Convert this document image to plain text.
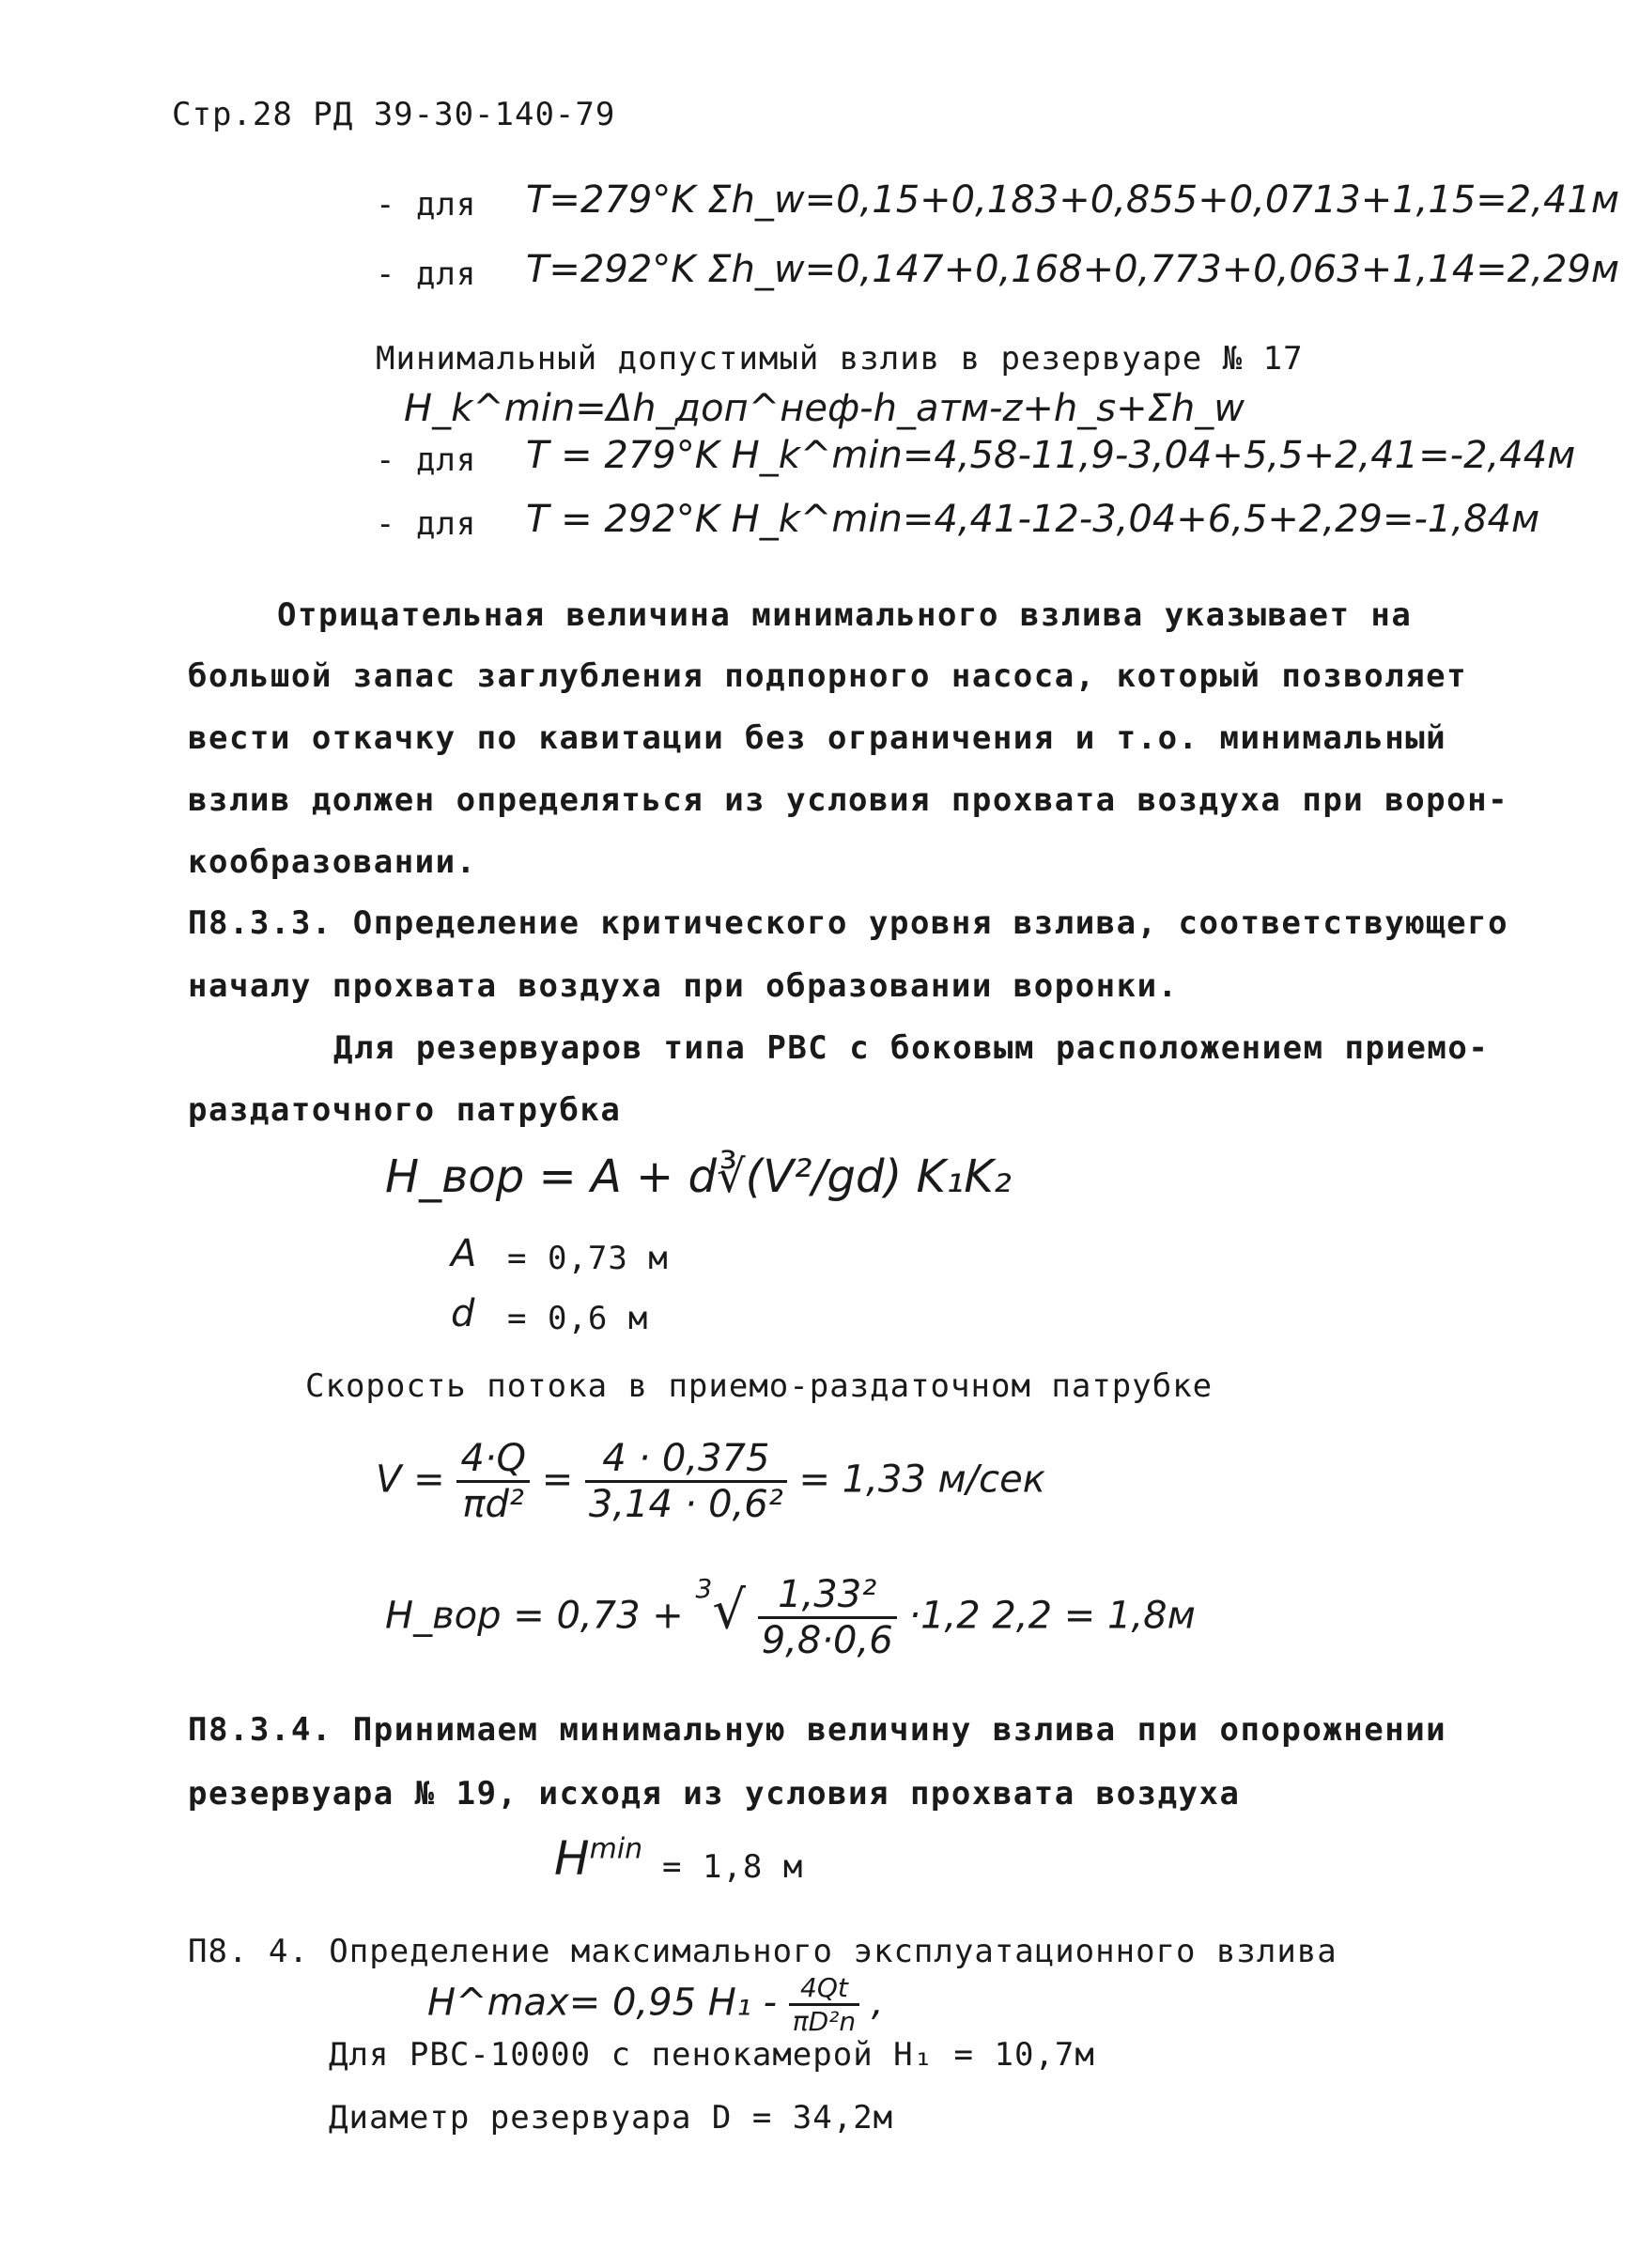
Стр.28 РД 39-30-140-79
- для T=279°K Σh_w=0,15+0,183+0,855+0,0713+1,15=2,41м
- для T=292°K Σh_w=0,147+0,168+0,773+0,063+1,14=2,29м
Минимальный допустимый взлив в резервуаре № 17
H_k^min=Δh_доп^неф-h_атм-z+h_s+Σh_w
- для T = 279°K H_k^min=4,58-11,9-3,04+5,5+2,41=-2,44м
- для T = 292°K H_k^min=4,41-12-3,04+6,5+2,29=-1,84м
Отрицательная величина минимального взлива указывает на
большой запас заглубления подпорного насоса, который позволяет
вести откачку по кавитации без ограничения и т.о. минимальный
взлив должен определяться из условия прохвата воздуха при ворон-
кообразовании.
П8.3.3. Определение критического уровня взлива, соответствующего
началу прохвата воздуха при образовании воронки.
Для резервуаров типа РВС с боковым расположением приемо-
раздаточного патрубка
H_вор = A + d∛(V²/gd) K₁K₂
A = 0,73 м
d = 0,6 м
Скорость потока в приемо-раздаточном патрубке
$V = \frac{4\cdot Q}{\text{πd²}} = \frac{4 \cdot 0,375}{\text{3,14 · 0,6²}} = 1,33$ м/сек
H_вор = $0,73 + ^3√ \frac{\text{1,33²}}{9,8\cdot 0,6} \cdot 1,2$ 2,2 = 1,8м
П8.3.4. Принимаем минимальную величину взлива при опорожнении
резервуара № 19, исходя из условия прохвата воздуха
$H^{min} = 1,8$ м
П8. 4. Определение максимального эксплуатационного взлива
H^max= 0,95 $H_1 - \frac{4Qt}{\text{πD²n}}$ ,
Для РВС-10000 с пенокамерой H₁ = 10,7м
Диаметр резервуара D = 34,2м
